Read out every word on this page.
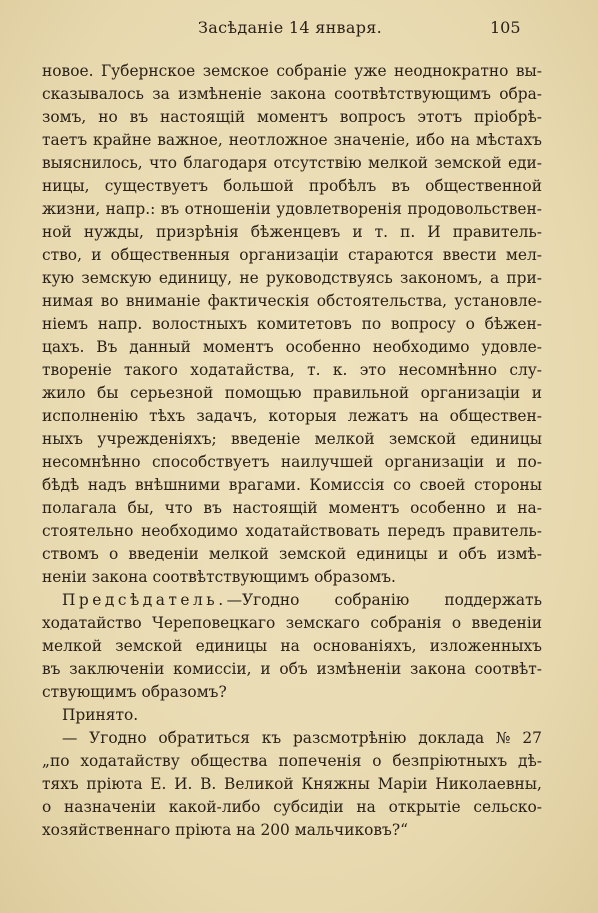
Засѣданіе 14 января.	105
новое. Губернское земское собраніе уже неоднократно вы-
сказывалось за измѣненіе закона соотвѣтствующимъ обра-
зомъ, но въ настоящій моментъ вопросъ этотъ пріобрѣ-
таетъ крайне важное, неотложное значеніе, ибо на мѣстахъ
выяснилось, что благодаря отсутствію мелкой земской еди-
ницы, существуетъ большой пробѣлъ въ общественной
жизни, напр.: въ отношеніи удовлетворенія продовольствен-
ной нужды, призрѣнія бѣженцевъ и т. п. И правитель-
ство, и общественныя организаціи стараются ввести мел-
кую земскую единицу, не руководствуясь закономъ, а при-
нимая во вниманіе фактическія обстоятельства, установле-
ніемъ напр. волостныхъ комитетовъ по вопросу о бѣжен-
цахъ. Въ данный моментъ особенно необходимо удовле-
твореніе такого ходатайства, т. к. это несомнѣнно слу-
жило бы серьезной помощью правильной организаціи и
исполненію тѣхъ задачъ, которыя лежатъ на обществен-
ныхъ учрежденіяхъ; введеніе мелкой земской единицы
несомнѣнно способствуетъ наилучшей организаціи и по-
бѣдѣ надъ внѣшними врагами. Комиссія со своей стороны
полагала бы, что въ настоящій моментъ особенно и на-
стоятельно необходимо ходатайствовать передъ правитель-
ствомъ о введеніи мелкой земской единицы и объ измѣ-
неніи закона соотвѣтствующимъ образомъ.
Предсѣдатель. —Угодно собранію поддержать
ходатайство Череповецкаго земскаго собранія о введеніи
мелкой земской единицы на основаніяхъ, изложенныхъ
въ заключеніи комиссіи, и объ измѣненіи закона соотвѣт-
ствующимъ образомъ?
Принято.
— Угодно обратиться къ разсмотрѣнію доклада № 27
„по ходатайству общества попеченія о безпріютныхъ дѣ-
тяхъ пріюта Е. И. В. Великой Княжны Маріи Николаевны,
о назначеніи какой-либо субсидіи на открытіе сельско-
хозяйственнаго пріюта на 200 мальчиковъ?“
